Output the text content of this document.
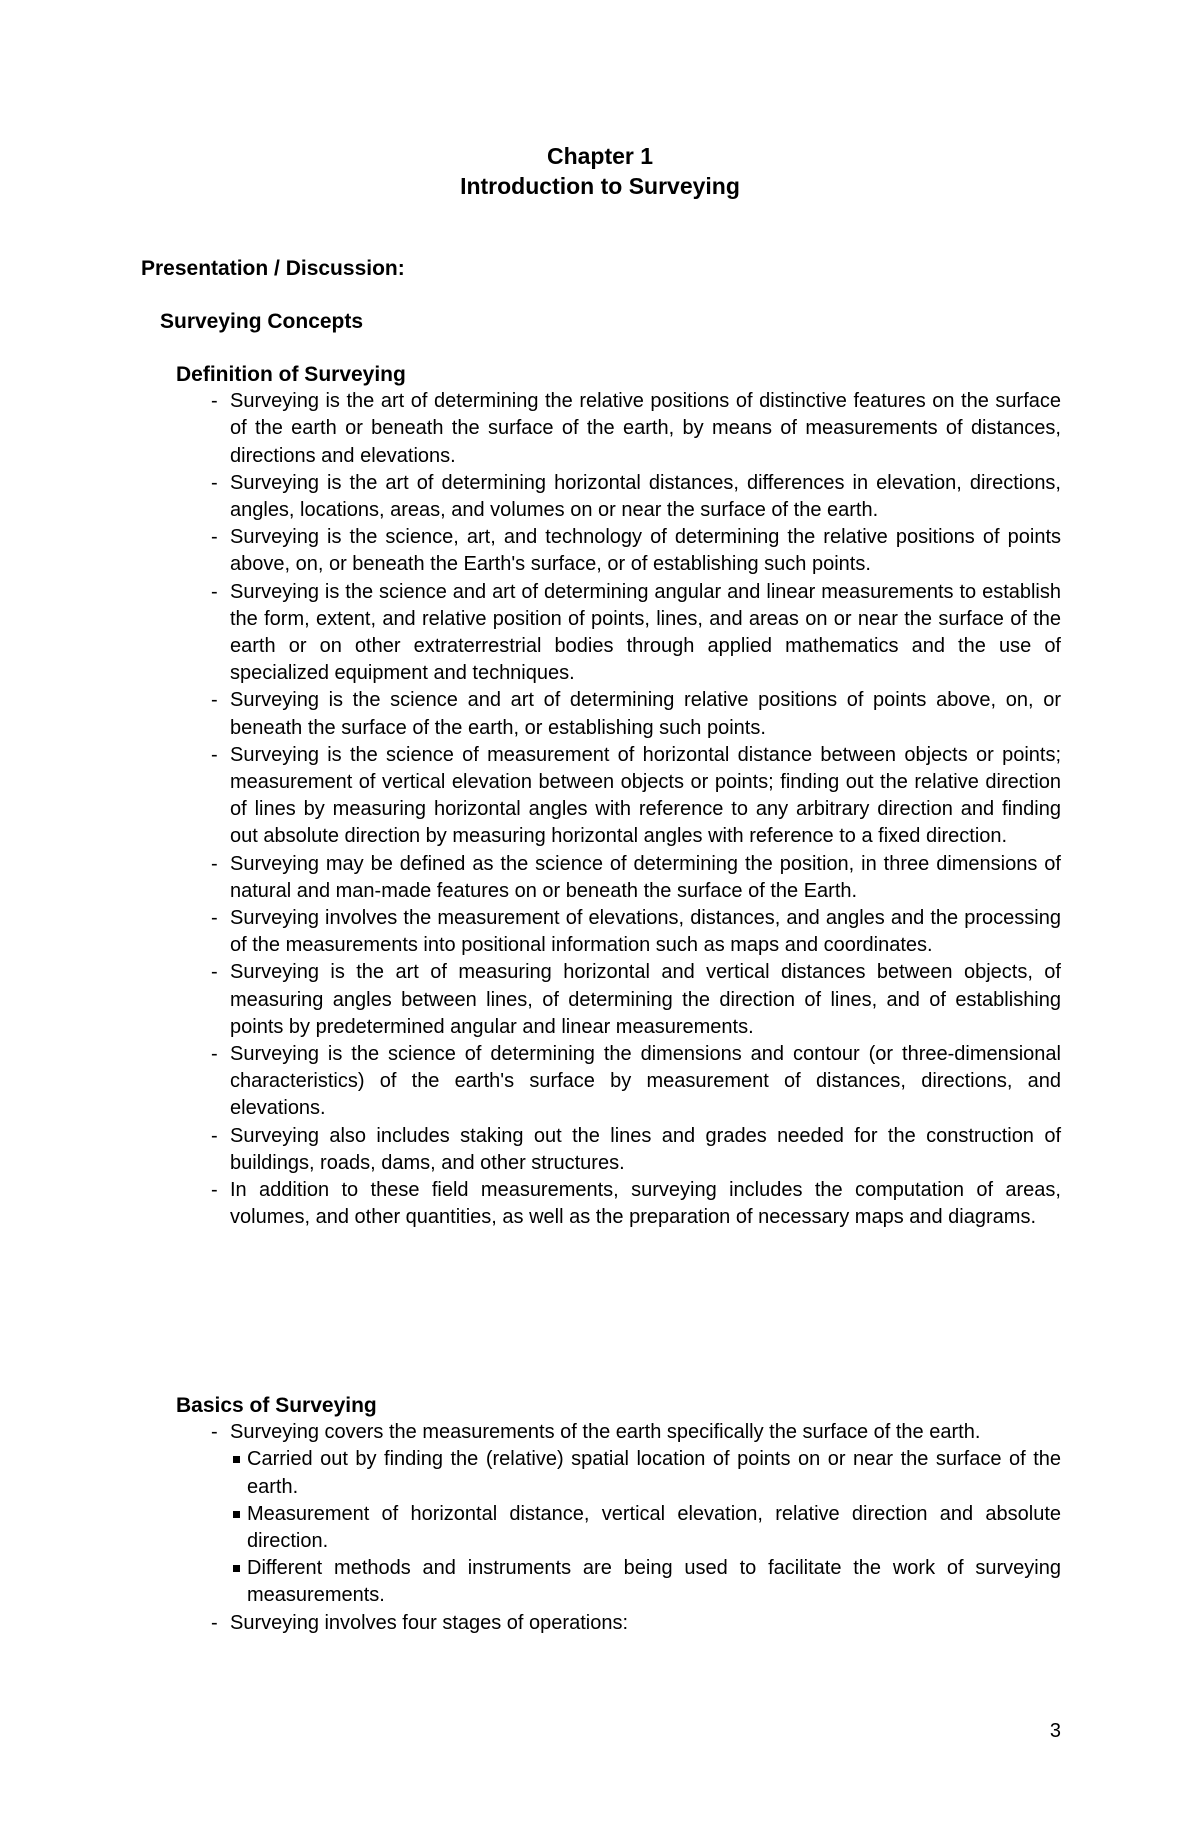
Chapter 1
Introduction to Surveying
Presentation / Discussion:
Surveying Concepts
Definition of Surveying
- Surveying is the art of determining the relative positions of distinctive features on the surface of the earth or beneath the surface of the earth, by means of measurements of distances, directions and elevations.
- Surveying is the art of determining horizontal distances, differences in elevation, directions, angles, locations, areas, and volumes on or near the surface of the earth.
- Surveying is the science, art, and technology of determining the relative positions of points above, on, or beneath the Earth's surface, or of establishing such points.
- Surveying is the science and art of determining angular and linear measurements to establish the form, extent, and relative position of points, lines, and areas on or near the surface of the earth or on other extraterrestrial bodies through applied mathematics and the use of specialized equipment and techniques.
- Surveying is the science and art of determining relative positions of points above, on, or beneath the surface of the earth, or establishing such points.
- Surveying is the science of measurement of horizontal distance between objects or points; measurement of vertical elevation between objects or points; finding out the relative direction of lines by measuring horizontal angles with reference to any arbitrary direction and finding out absolute direction by measuring horizontal angles with reference to a fixed direction.
- Surveying may be defined as the science of determining the position, in three dimensions of natural and man-made features on or beneath the surface of the Earth.
- Surveying involves the measurement of elevations, distances, and angles and the processing of the measurements into positional information such as maps and coordinates.
- Surveying is the art of measuring horizontal and vertical distances between objects, of measuring angles between lines, of determining the direction of lines, and of establishing points by predetermined angular and linear measurements.
- Surveying is the science of determining the dimensions and contour (or three-dimensional characteristics) of the earth's surface by measurement of distances, directions, and elevations.
- Surveying also includes staking out the lines and grades needed for the construction of buildings, roads, dams, and other structures.
- In addition to these field measurements, surveying includes the computation of areas, volumes, and other quantities, as well as the preparation of necessary maps and diagrams.
Basics of Surveying
- Surveying covers the measurements of the earth specifically the surface of the earth.
Carried out by finding the (relative) spatial location of points on or near the surface of the earth.
Measurement of horizontal distance, vertical elevation, relative direction and absolute direction.
Different methods and instruments are being used to facilitate the work of surveying measurements.
- Surveying involves four stages of operations:
3
